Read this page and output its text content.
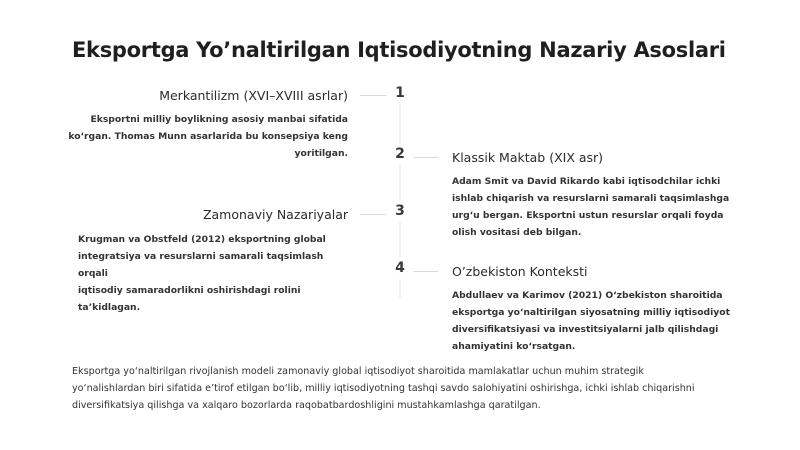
Eksportga Yo’naltirilgan Iqtisodiyotning Nazariy Asoslari
Merkantilizm (XVI–XVIII asrlar)	1
Eksportni milliy boylikning asosiy manbai sifatida
ko‘rgan. Thomas Munn asarlarida bu konsepsiya keng
yoritilgan.	2	Klassik Maktab (XIX asr)
Adam Smit va David Rikardo kabi iqtisodchilar ichki
ishlab chiqarish va resurslarni samarali taqsimlashga
urg‘u bergan. Eksportni ustun resurslar orqali foyda
olish vositasi deb bilgan.
Zamonaviy Nazariyalar	3
Krugman va Obstfeld (2012) eksportning global
integratsiya va resurslarni samarali taqsimlash orqali
iqtisodiy samaradorlikni oshirishdagi rolini ta’kidlagan.
4	O’zbekiston Konteksti
Abdullaev va Karimov (2021) O‘zbekiston sharoitida
eksportga yo‘naltirilgan siyosatning milliy iqtisodiyot
diversifikatsiyasi va investitsiyalarni jalb qilishdagi
ahamiyatini ko‘rsatgan.
Eksportga yo‘naltirilgan rivojlanish modeli zamonaviy global iqtisodiyot sharoitida mamlakatlar uchun muhim strategik
yo‘nalishlardan biri sifatida e’tirof etilgan bo‘lib, milliy iqtisodiyotning tashqi savdo salohiyatini oshirishga, ichki ishlab chiqarishni
diversifikatsiya qilishga va xalqaro bozorlarda raqobatbardoshligini mustahkamlashga qaratilgan.
